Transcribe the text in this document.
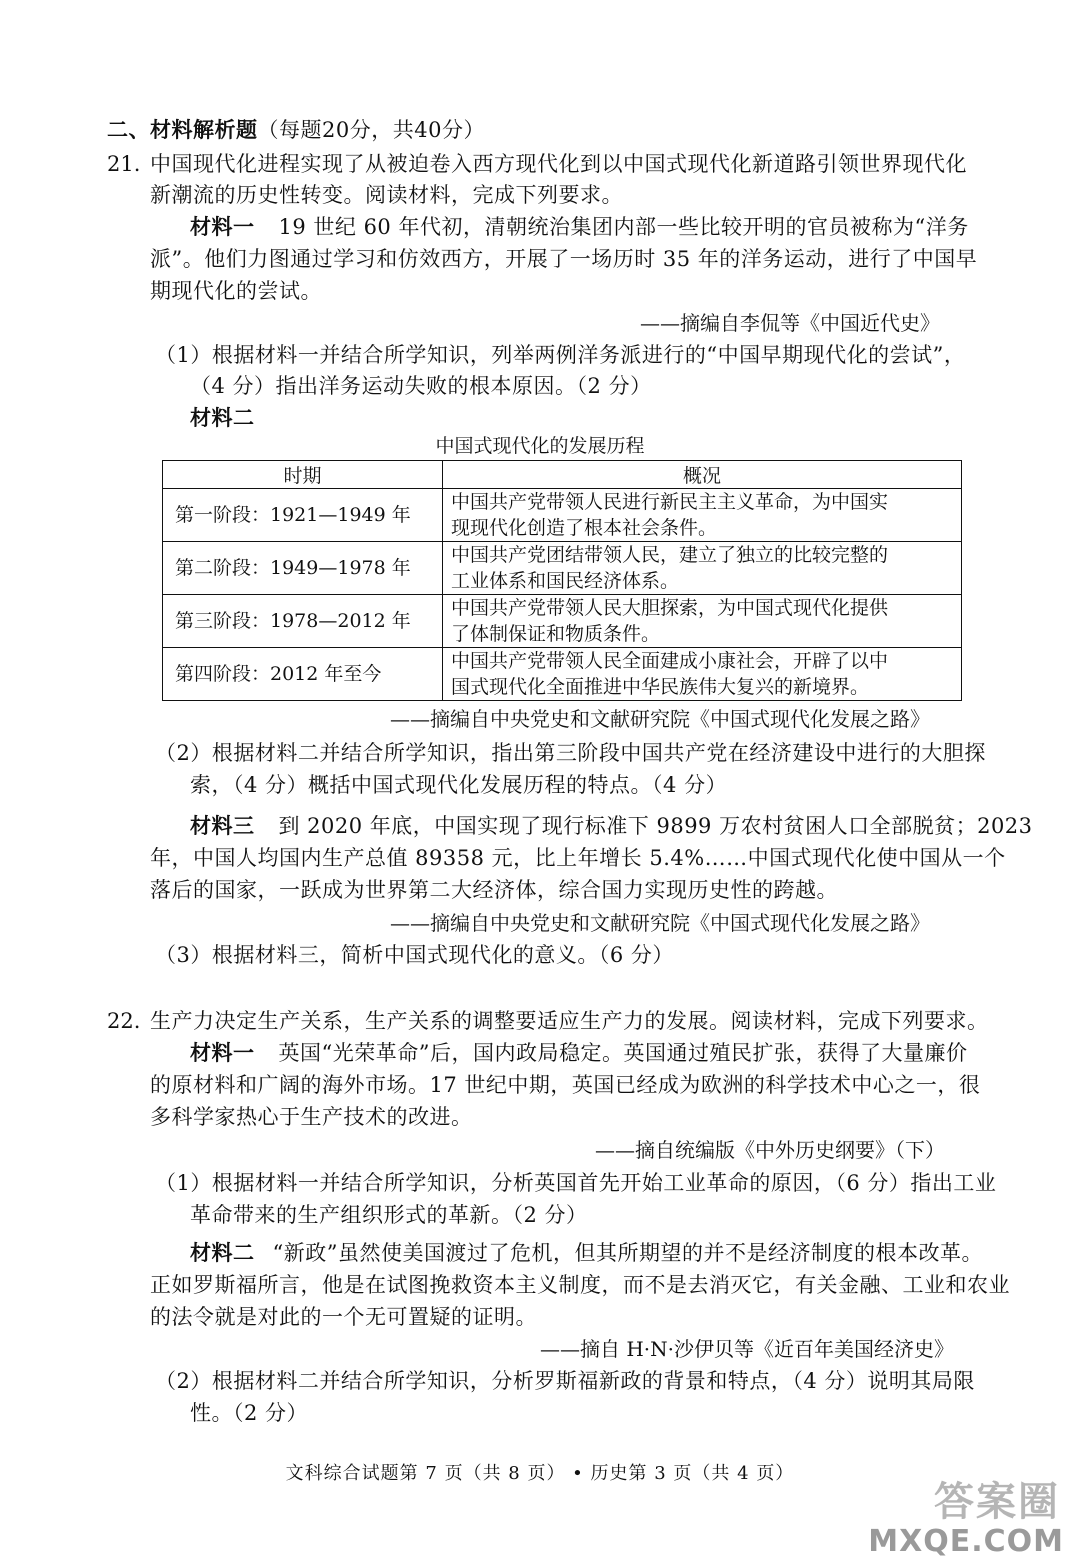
二、材料解析题（每题20分，共40分）
21. 中国现代化进程实现了从被迫卷入西方现代化到以中国式现代化新道路引领世界现代化
新潮流的历史性转变。阅读材料，完成下列要求。
材料一 19 世纪 60 年代初，清朝统治集团内部一些比较开明的官员被称为“洋务
派”。他们力图通过学习和仿效西方，开展了一场历时 35 年的洋务运动，进行了中国早
期现代化的尝试。
——摘编自李侃等《中国近代史》
（1）根据材料一并结合所学知识，列举两例洋务派进行的“中国早期现代化的尝试”，
（4 分）指出洋务运动失败的根本原因。（2 分）
材料二
中国式现代化的发展历程
时期	概况
第一阶段：1921—1949 年	中国共产党带领人民进行新民主主义革命，为中国实
现现代化创造了根本社会条件。
第二阶段：1949—1978 年	中国共产党团结带领人民，建立了独立的比较完整的
工业体系和国民经济体系。
第三阶段：1978—2012 年	中国共产党带领人民大胆探索，为中国式现代化提供
了体制保证和物质条件。
第四阶段：2012 年至今	中国共产党带领人民全面建成小康社会，开辟了以中
国式现代化全面推进中华民族伟大复兴的新境界。
——摘编自中央党史和文献研究院《中国式现代化发展之路》
（2）根据材料二并结合所学知识，指出第三阶段中国共产党在经济建设中进行的大胆探
索，（4 分）概括中国式现代化发展历程的特点。（4 分）
材料三 到 2020 年底，中国实现了现行标准下 9899 万农村贫困人口全部脱贫；2023
年，中国人均国内生产总值 89358 元，比上年增长 5.4%……中国式现代化使中国从一个
落后的国家，一跃成为世界第二大经济体，综合国力实现历史性的跨越。
——摘编自中央党史和文献研究院《中国式现代化发展之路》
（3）根据材料三，简析中国式现代化的意义。（6 分）
22. 生产力决定生产关系，生产关系的调整要适应生产力的发展。阅读材料，完成下列要求。
材料一 英国“光荣革命”后，国内政局稳定。英国通过殖民扩张，获得了大量廉价
的原材料和广阔的海外市场。17 世纪中期，英国已经成为欧洲的科学技术中心之一，很
多科学家热心于生产技术的改进。
——摘自统编版《中外历史纲要》（下）
（1）根据材料一并结合所学知识，分析英国首先开始工业革命的原因，（6 分）指出工业
革命带来的生产组织形式的革新。（2 分）
材料二 “新政”虽然使美国渡过了危机，但其所期望的并不是经济制度的根本改革。
正如罗斯福所言，他是在试图挽救资本主义制度，而不是去消灭它，有关金融、工业和农业
的法令就是对此的一个无可置疑的证明。
——摘自 H·N·沙伊贝等《近百年美国经济史》
（2）根据材料二并结合所学知识，分析罗斯福新政的背景和特点，（4 分）说明其局限
性。（2 分）
文科综合试题第 7 页（共 8 页） • 历史第 3 页（共 4 页）
答案圈
MXQE.COM
